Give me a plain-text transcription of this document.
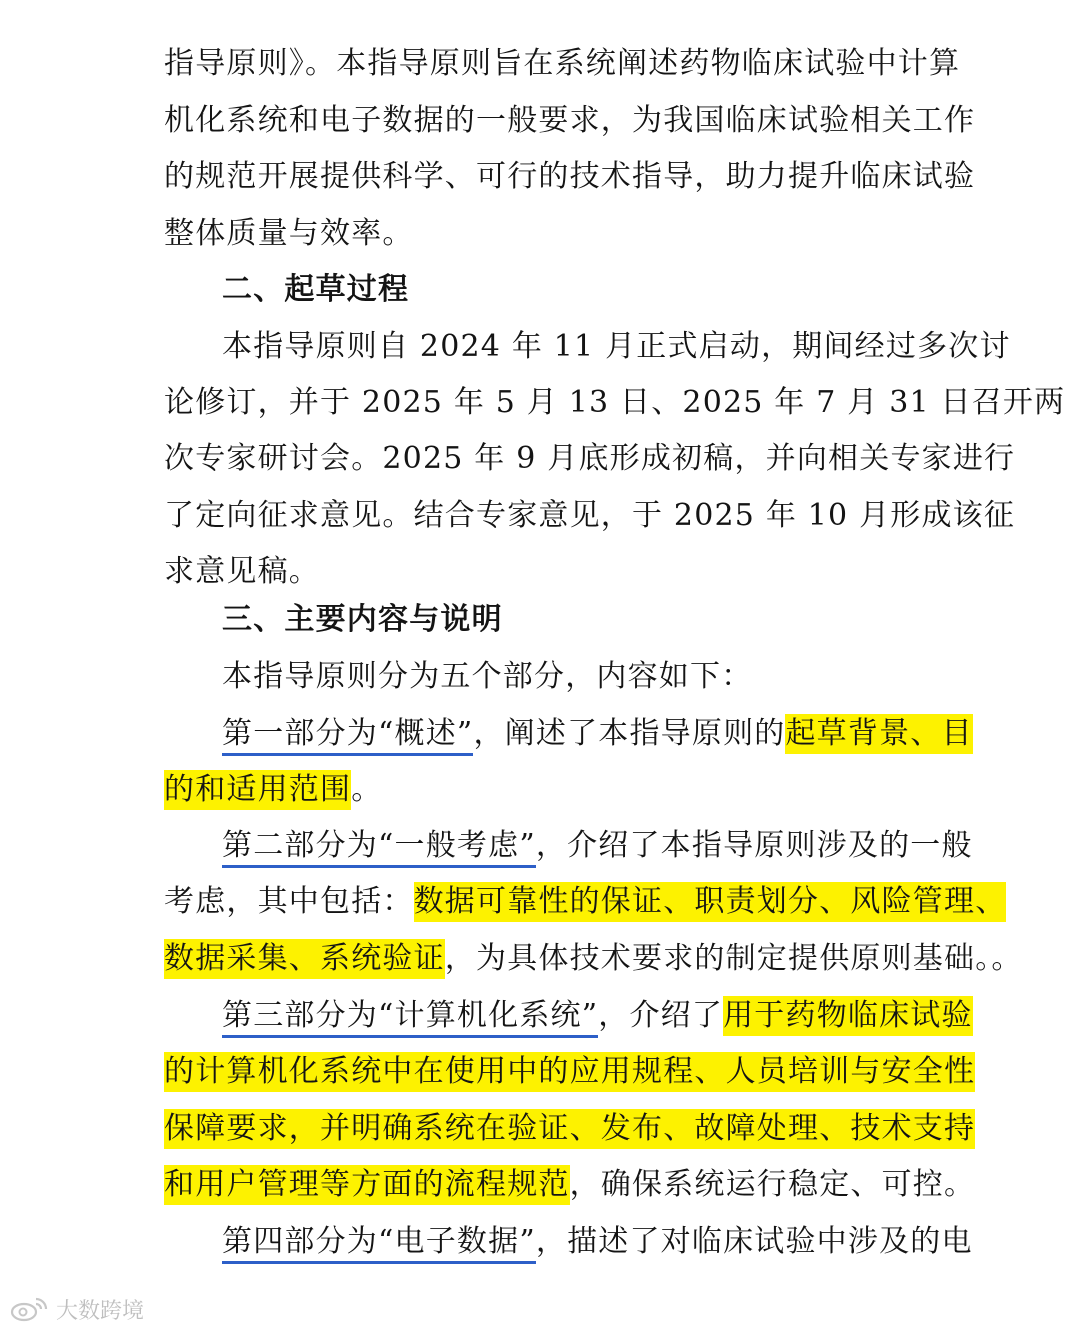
指导原则》。本指导原则旨在系统阐述药物临床试验中计算
机化系统和电子数据的一般要求，为我国临床试验相关工作
的规范开展提供科学、可行的技术指导，助力提升临床试验
整体质量与效率。
二、起草过程
本指导原则自 2024 年 11 月正式启动，期间经过多次讨
论修订，并于 2025 年 5 月 13 日、2025 年 7 月 31 日召开两
次专家研讨会。2025 年 9 月底形成初稿，并向相关专家进行
了定向征求意见。结合专家意见，于 2025 年 10 月形成该征
求意见稿。
三、主要内容与说明
本指导原则分为五个部分，内容如下：
第一部分为“概述”，阐述了本指导原则的起草背景、目
的和适用范围。
第二部分为“一般考虑”，介绍了本指导原则涉及的一般
考虑，其中包括：数据可靠性的保证、职责划分、风险管理、
数据采集、系统验证，为具体技术要求的制定提供原则基础。。
第三部分为“计算机化系统”，介绍了用于药物临床试验
的计算机化系统中在使用中的应用规程、人员培训与安全性
保障要求，并明确系统在验证、发布、故障处理、技术支持
和用户管理等方面的流程规范，确保系统运行稳定、可控。
第四部分为“电子数据”，描述了对临床试验中涉及的电
大数跨境
